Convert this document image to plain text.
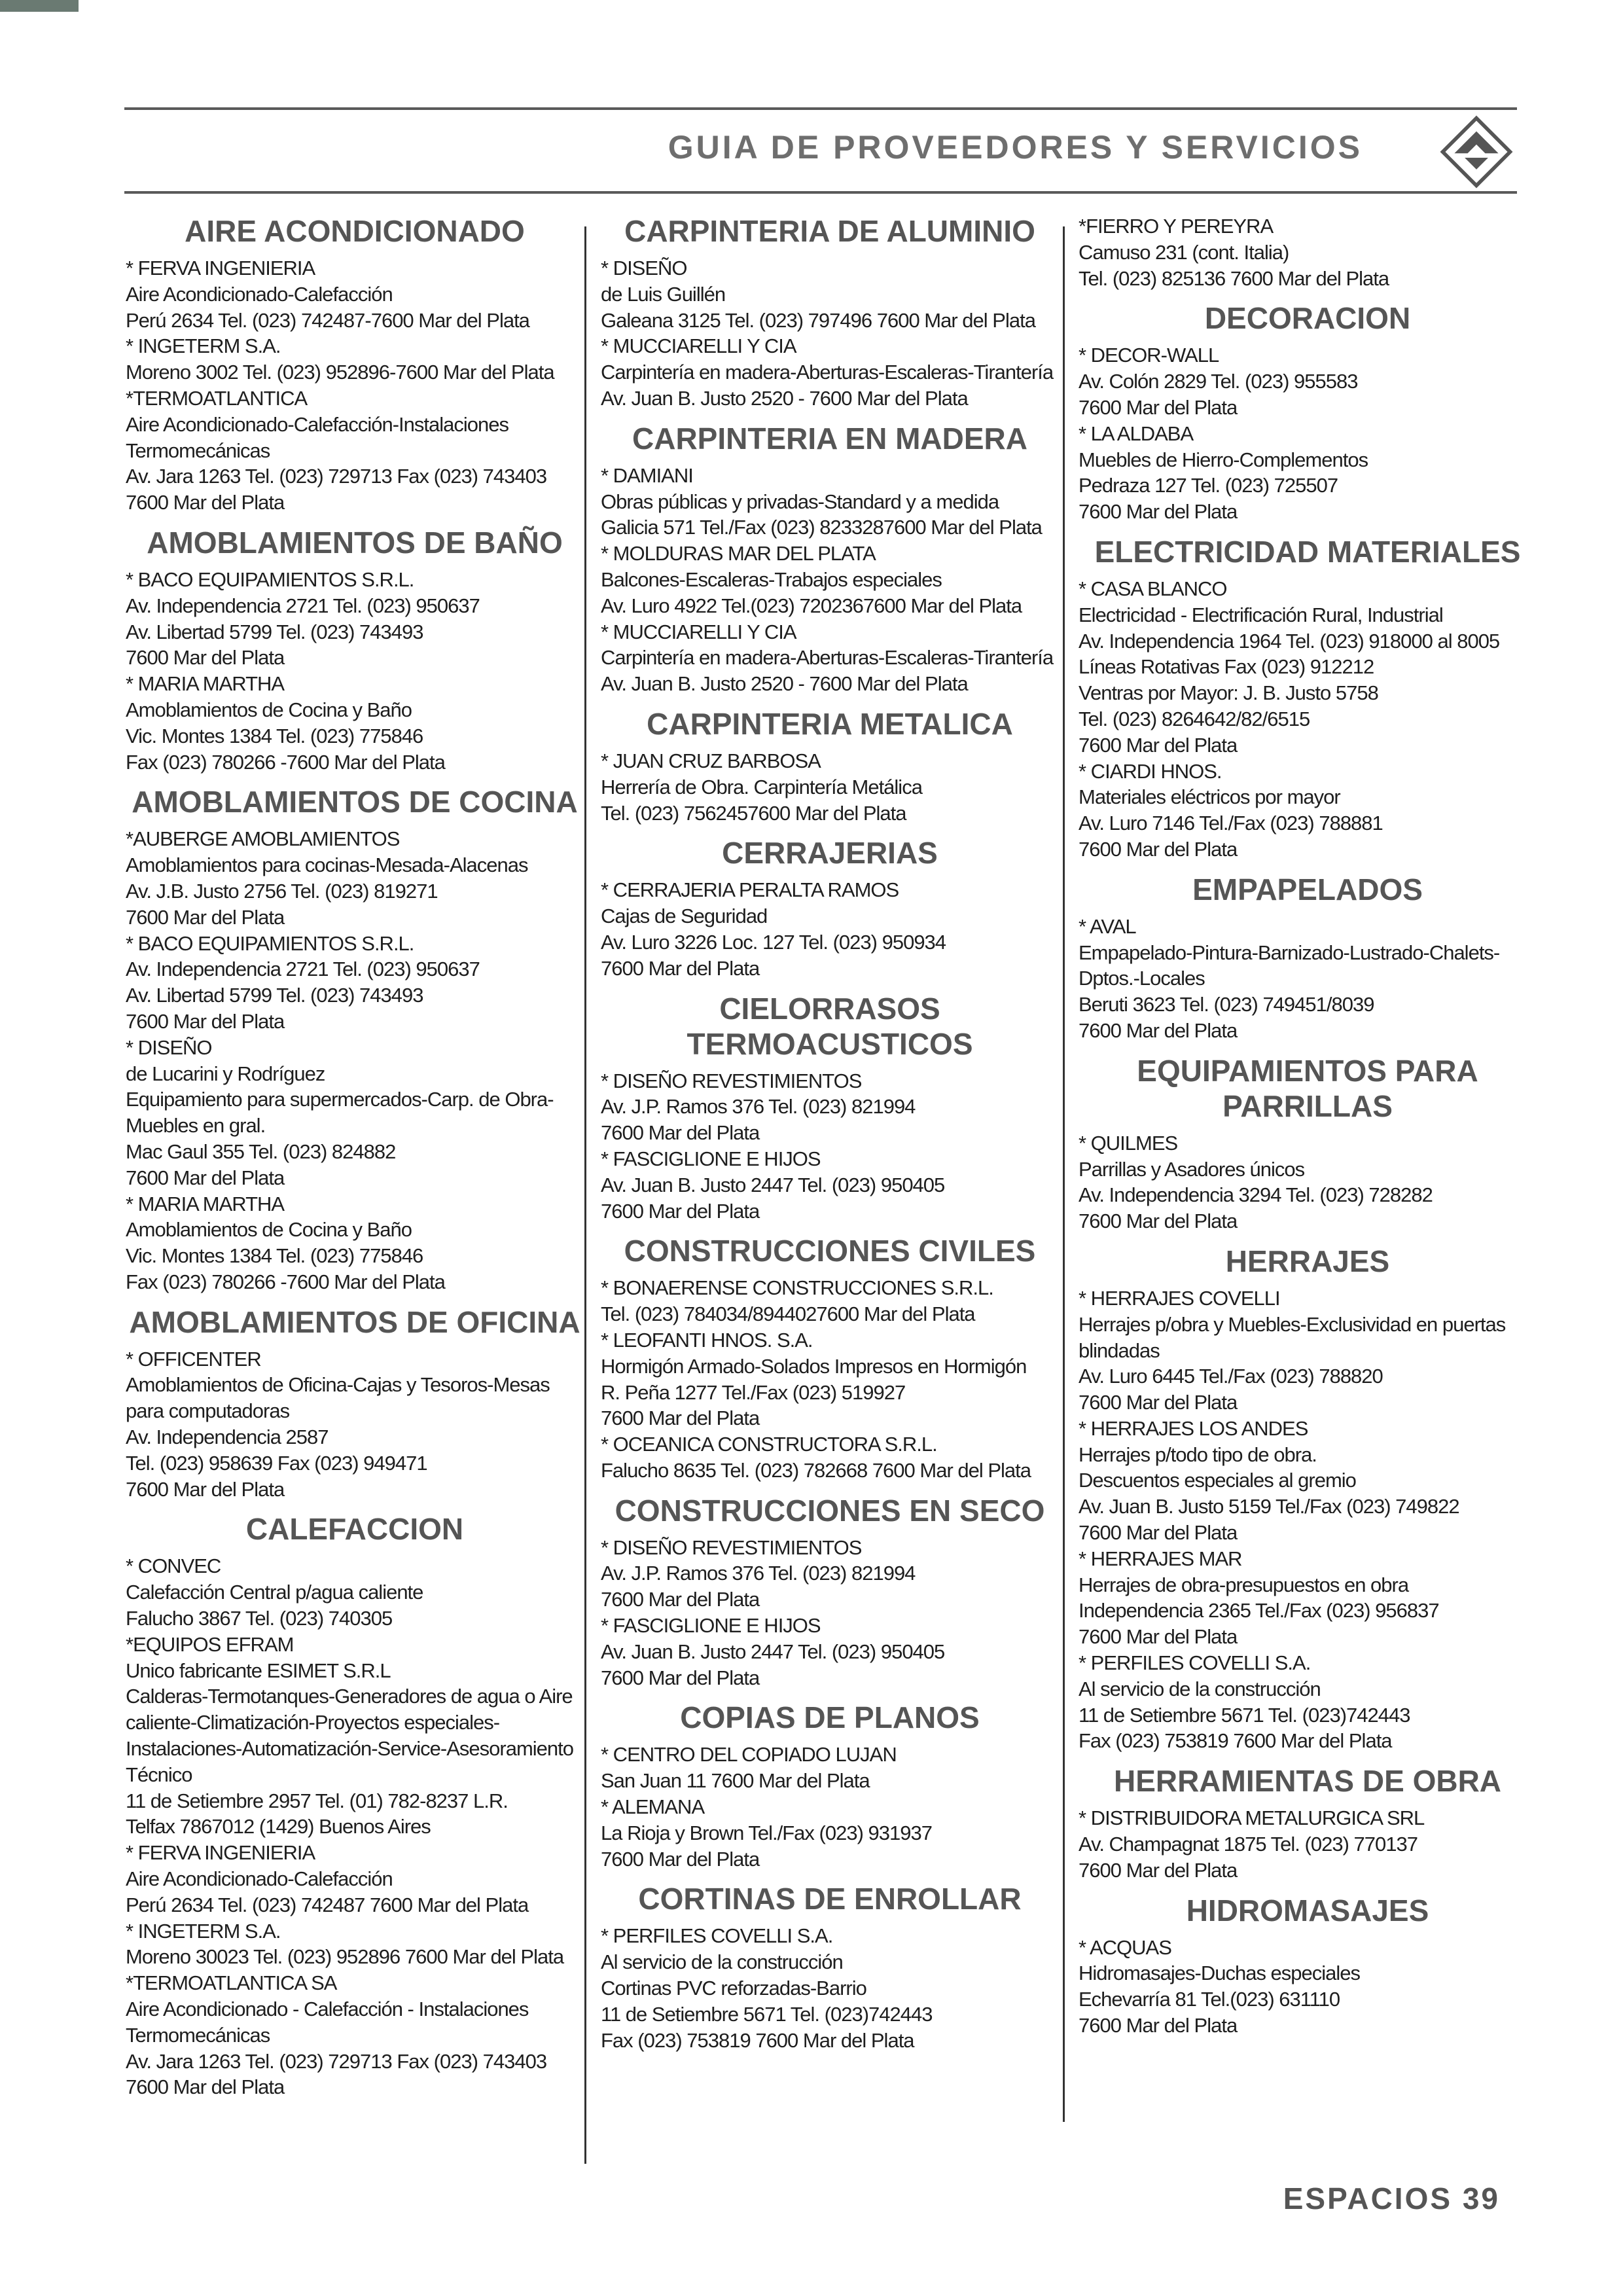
GUIA DE PROVEEDORES Y SERVICIOS
AIRE ACONDICIONADO
* FERVA INGENIERIA
Aire Acondicionado-Calefacción
Perú 2634 Tel. (023) 742487-7600 Mar del Plata
* INGETERM S.A.
Moreno 3002 Tel. (023) 952896-7600 Mar del Plata
*TERMOATLANTICA
Aire Acondicionado-Calefacción-Instalaciones Termomecánicas
Av. Jara 1263 Tel. (023) 729713 Fax (023) 743403
7600 Mar del Plata
AMOBLAMIENTOS DE BAÑO
* BACO EQUIPAMIENTOS S.R.L.
Av. Independencia 2721 Tel. (023) 950637
Av. Libertad 5799 Tel. (023) 743493
7600 Mar del Plata
* MARIA MARTHA
Amoblamientos de Cocina y Baño
Vic. Montes 1384 Tel. (023) 775846
Fax (023) 780266 -7600 Mar del Plata
AMOBLAMIENTOS DE COCINA
*AUBERGE AMOBLAMIENTOS
Amoblamientos para cocinas-Mesada-Alacenas
Av. J.B. Justo 2756 Tel. (023) 819271
7600 Mar del Plata
* BACO EQUIPAMIENTOS S.R.L.
Av. Independencia 2721 Tel. (023) 950637
Av. Libertad 5799 Tel. (023) 743493
7600 Mar del Plata
* DISEÑO
de Lucarini y Rodríguez
Equipamiento para supermercados-Carp. de Obra-Muebles en gral.
Mac Gaul 355 Tel. (023) 824882
7600 Mar del Plata
* MARIA MARTHA
Amoblamientos de Cocina y Baño
Vic. Montes 1384 Tel. (023) 775846
Fax (023) 780266 -7600 Mar del Plata
AMOBLAMIENTOS DE OFICINA
* OFFICENTER
Amoblamientos de Oficina-Cajas y Tesoros-Mesas para computadoras
Av. Independencia 2587
Tel. (023) 958639 Fax (023) 949471
7600 Mar del Plata
CALEFACCION
* CONVEC
Calefacción Central p/agua caliente
Falucho 3867 Tel. (023) 740305
*EQUIPOS EFRAM
Unico fabricante ESIMET S.R.L
Calderas-Termotanques-Generadores de agua o Aire caliente-Climatización-Proyectos especiales-Instalaciones-Automatización-Service-Asesoramiento Técnico
11 de Setiembre 2957 Tel. (01) 782-8237 L.R.
Telfax 7867012 (1429) Buenos Aires
* FERVA INGENIERIA
Aire Acondicionado-Calefacción
Perú 2634 Tel. (023) 742487 7600 Mar del Plata
* INGETERM S.A.
Moreno 30023 Tel. (023) 952896 7600 Mar del Plata
*TERMOATLANTICA SA
Aire Acondicionado - Calefacción - Instalaciones Termomecánicas
Av. Jara 1263 Tel. (023) 729713 Fax (023) 743403
7600 Mar del Plata
CARPINTERIA DE ALUMINIO
* DISEÑO
de Luis Guillén
Galeana 3125 Tel. (023) 797496 7600 Mar del Plata
* MUCCIARELLI Y CIA
Carpintería en madera-Aberturas-Escaleras-Tirantería
Av. Juan B. Justo 2520 - 7600 Mar del Plata
CARPINTERIA EN MADERA
* DAMIANI
Obras públicas y privadas-Standard y a medida
Galicia 571 Tel./Fax (023) 8233287600 Mar del Plata
* MOLDURAS MAR DEL PLATA
Balcones-Escaleras-Trabajos especiales
Av. Luro 4922 Tel.(023) 7202367600 Mar del Plata
* MUCCIARELLI Y CIA
Carpintería en madera-Aberturas-Escaleras-Tirantería
Av. Juan B. Justo 2520 - 7600 Mar del Plata
CARPINTERIA METALICA
* JUAN CRUZ BARBOSA
Herrería de Obra. Carpintería Metálica
Tel. (023) 7562457600 Mar del Plata
CERRAJERIAS
* CERRAJERIA PERALTA RAMOS
Cajas de Seguridad
Av. Luro 3226 Loc. 127 Tel. (023) 950934
7600 Mar del Plata
CIELORRASOS TERMOACUSTICOS
* DISEÑO REVESTIMIENTOS
Av. J.P. Ramos 376 Tel. (023) 821994
7600 Mar del Plata
* FASCIGLIONE E HIJOS
Av. Juan B. Justo 2447 Tel. (023) 950405
7600 Mar del Plata
CONSTRUCCIONES CIVILES
* BONAERENSE CONSTRUCCIONES S.R.L.
Tel. (023) 784034/8944027600 Mar del Plata
* LEOFANTI HNOS. S.A.
Hormigón Armado-Solados Impresos en Hormigón
R. Peña 1277 Tel./Fax (023) 519927
7600 Mar del Plata
* OCEANICA CONSTRUCTORA S.R.L.
Falucho 8635 Tel. (023) 782668 7600 Mar del Plata
CONSTRUCCIONES EN SECO
* DISEÑO REVESTIMIENTOS
Av. J.P. Ramos 376 Tel. (023) 821994
7600 Mar del Plata
* FASCIGLIONE E HIJOS
Av. Juan B. Justo 2447 Tel. (023) 950405
7600 Mar del Plata
COPIAS DE PLANOS
* CENTRO DEL COPIADO LUJAN
San Juan 11 7600 Mar del Plata
* ALEMANA
La Rioja y Brown Tel./Fax (023) 931937
7600 Mar del Plata
CORTINAS DE ENROLLAR
* PERFILES COVELLI S.A.
Al servicio de la construcción
Cortinas PVC reforzadas-Barrio
11 de Setiembre 5671 Tel. (023)742443
Fax (023) 753819 7600 Mar del Plata
*FIERRO Y PEREYRA
Camuso 231 (cont. Italia)
Tel. (023) 825136 7600 Mar del Plata
DECORACION
* DECOR-WALL
Av. Colón 2829 Tel. (023) 955583
7600 Mar del Plata
* LA ALDABA
Muebles de Hierro-Complementos
Pedraza 127 Tel. (023) 725507
7600 Mar del Plata
ELECTRICIDAD MATERIALES
* CASA BLANCO
Electricidad - Electrificación Rural, Industrial
Av. Independencia 1964 Tel. (023) 918000 al 8005
Líneas Rotativas Fax (023) 912212
Ventras por Mayor: J. B. Justo 5758
Tel. (023) 8264642/82/6515
7600 Mar del Plata
* CIARDI HNOS.
Materiales eléctricos por mayor
Av. Luro 7146 Tel./Fax (023) 788881
7600 Mar del Plata
EMPAPELADOS
* AVAL
Empapelado-Pintura-Barnizado-Lustrado-Chalets-Dptos.-Locales
Beruti 3623 Tel. (023) 749451/8039
7600 Mar del Plata
EQUIPAMIENTOS PARA PARRILLAS
* QUILMES
Parrillas y Asadores únicos
Av. Independencia 3294 Tel. (023) 728282
7600 Mar del Plata
HERRAJES
* HERRAJES COVELLI
Herrajes p/obra y Muebles-Exclusividad en puertas blindadas
Av. Luro 6445 Tel./Fax (023) 788820
7600 Mar del Plata
* HERRAJES LOS ANDES
Herrajes p/todo tipo de obra.
Descuentos especiales al gremio
Av. Juan B. Justo 5159 Tel./Fax (023) 749822
7600 Mar del Plata
* HERRAJES MAR
Herrajes de obra-presupuestos en obra
Independencia 2365 Tel./Fax (023) 956837
7600 Mar del Plata
* PERFILES COVELLI S.A.
Al servicio de la construcción
11 de Setiembre 5671 Tel. (023)742443
Fax (023) 753819 7600 Mar del Plata
HERRAMIENTAS DE OBRA
* DISTRIBUIDORA METALURGICA SRL
Av. Champagnat 1875 Tel. (023) 770137
7600 Mar del Plata
HIDROMASAJES
* ACQUAS
Hidromasajes-Duchas especiales
Echevarría 81 Tel.(023) 631110
7600 Mar del Plata
ESPACIOS 39
